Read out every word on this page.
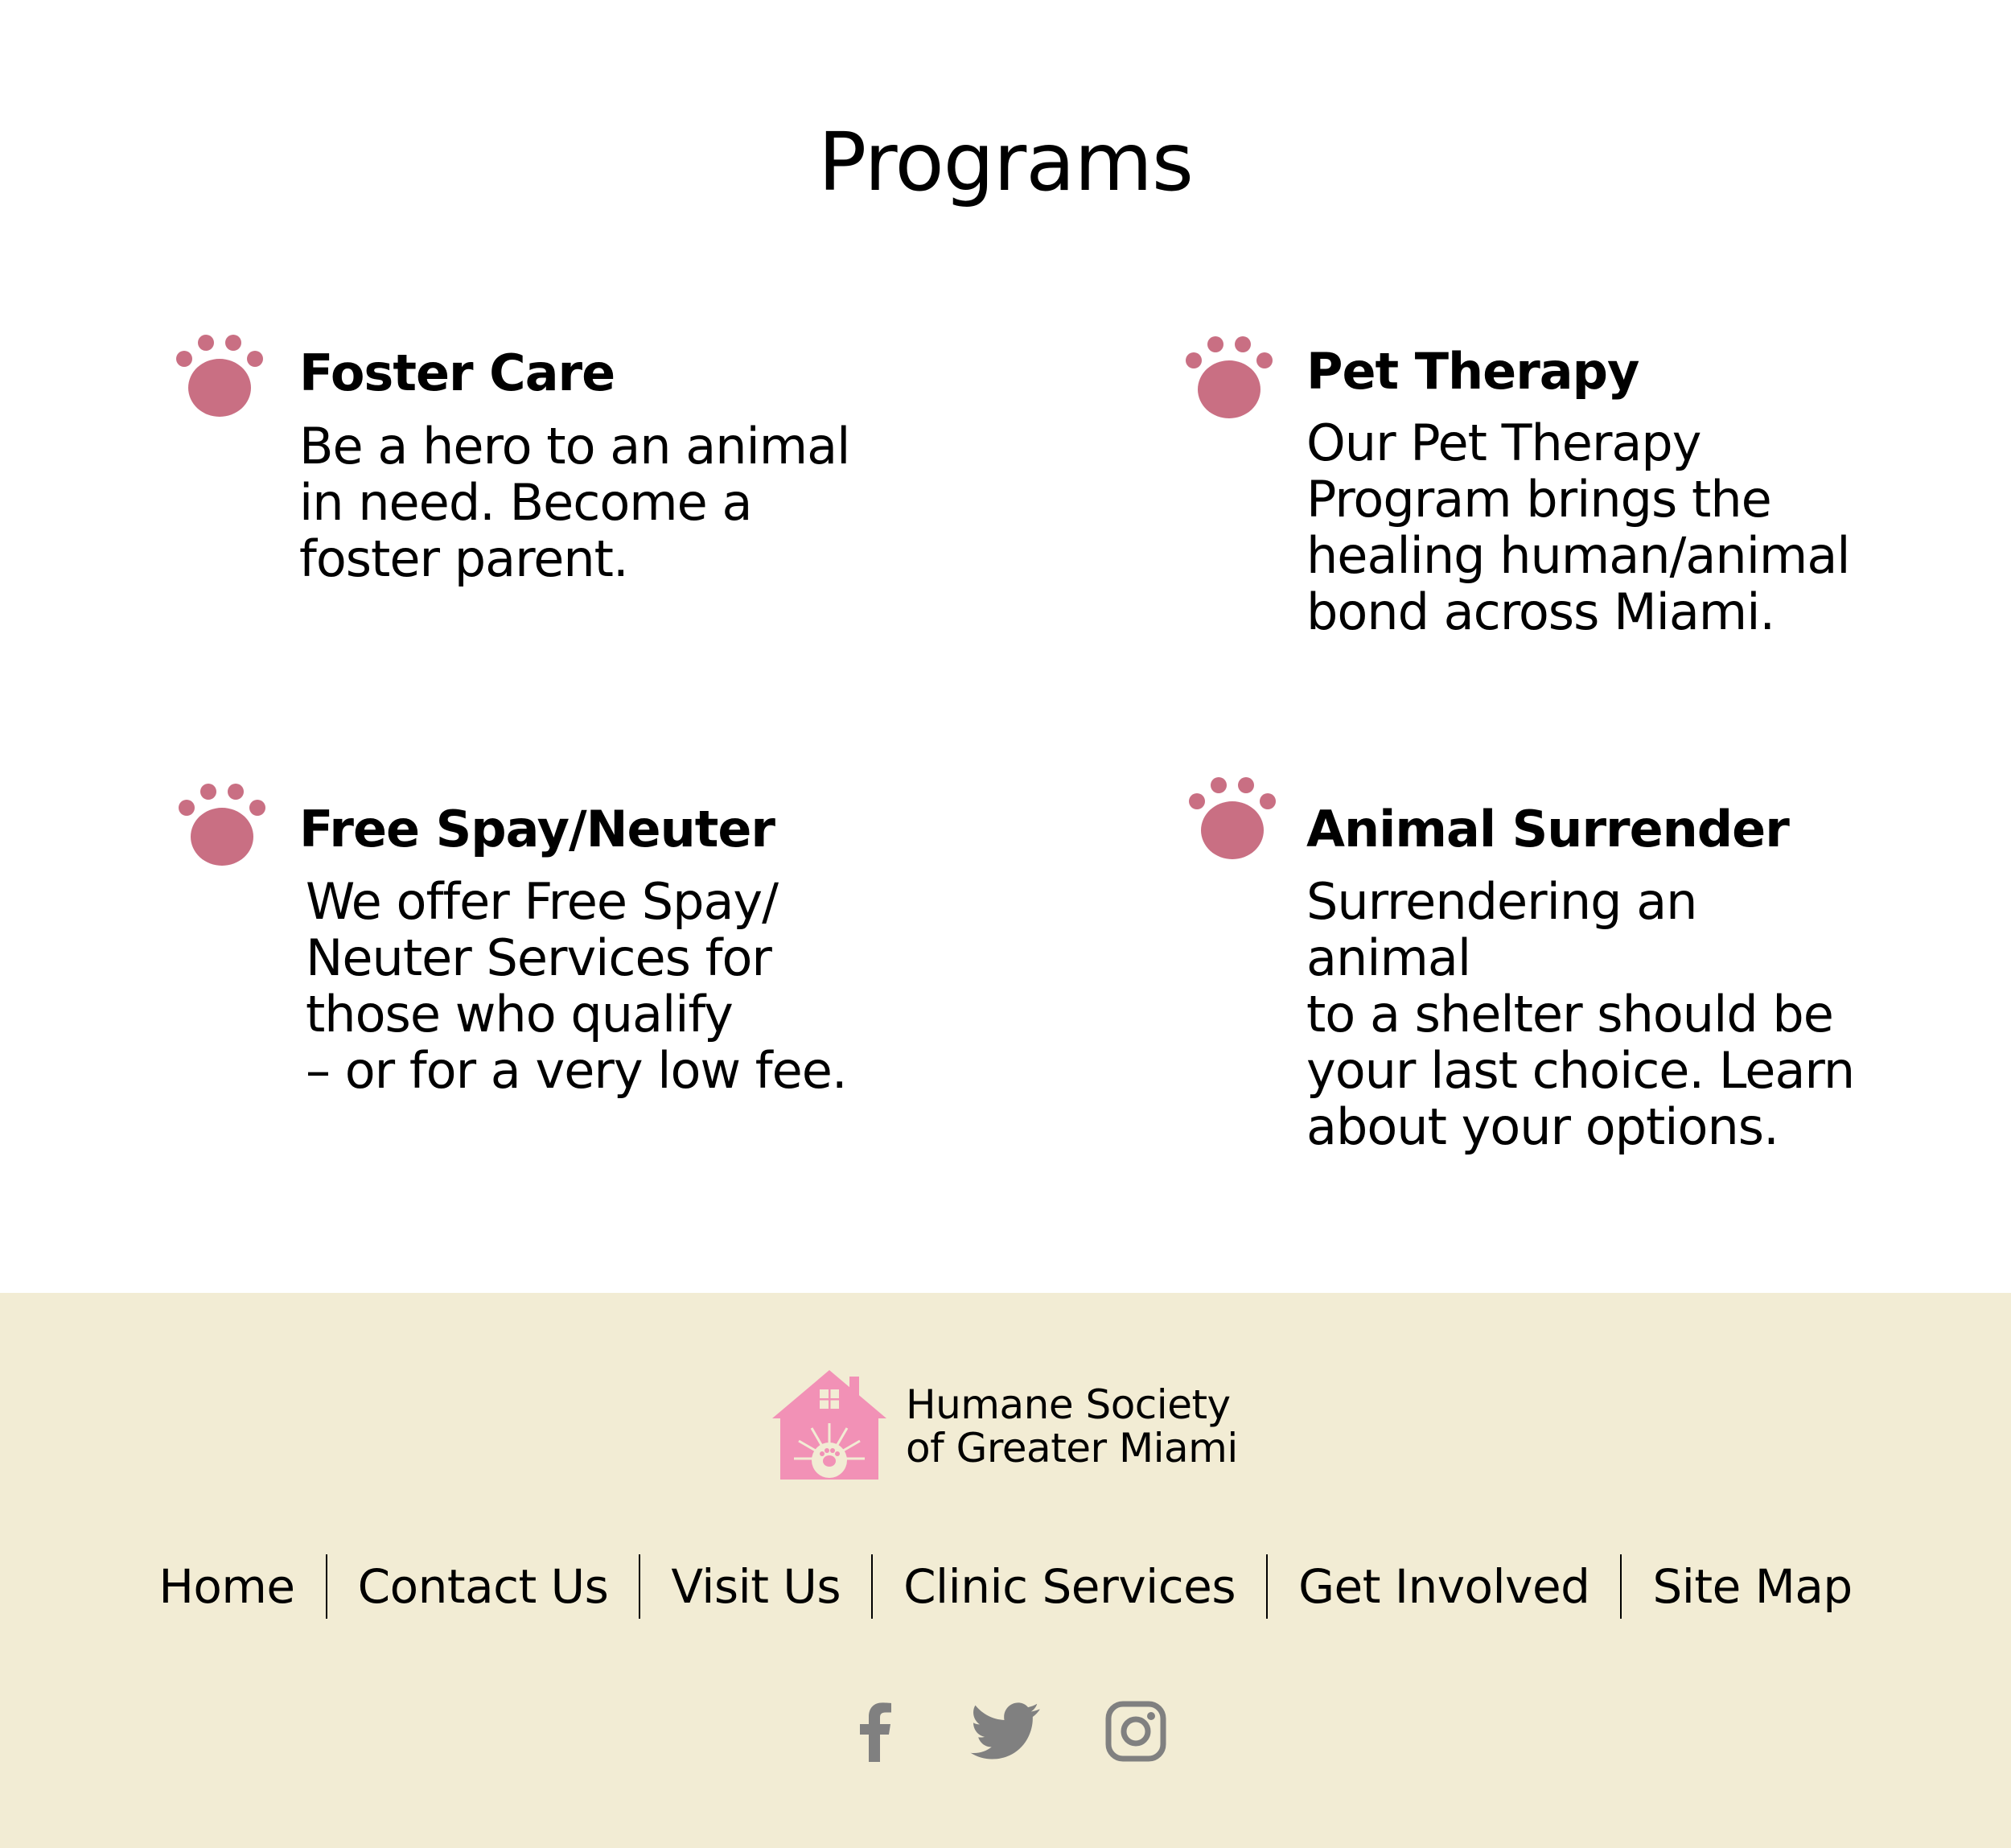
Programs
Foster Care
Be a hero to an animal
in need. Become a
foster parent.
Pet Therapy
Our Pet Therapy
Program brings the
healing human/animal
bond across Miami.
Free Spay/Neuter
We offer Free Spay/
Neuter Services for
those who qualify
– or for a very low fee.
Animal Surrender
Surrendering an animal
to a shelter should be
your last choice. Learn
about your options.
Humane Society
of Greater Miami
Home	Contact Us	Visit Us	Clinic Services	Get Involved	Site Map
